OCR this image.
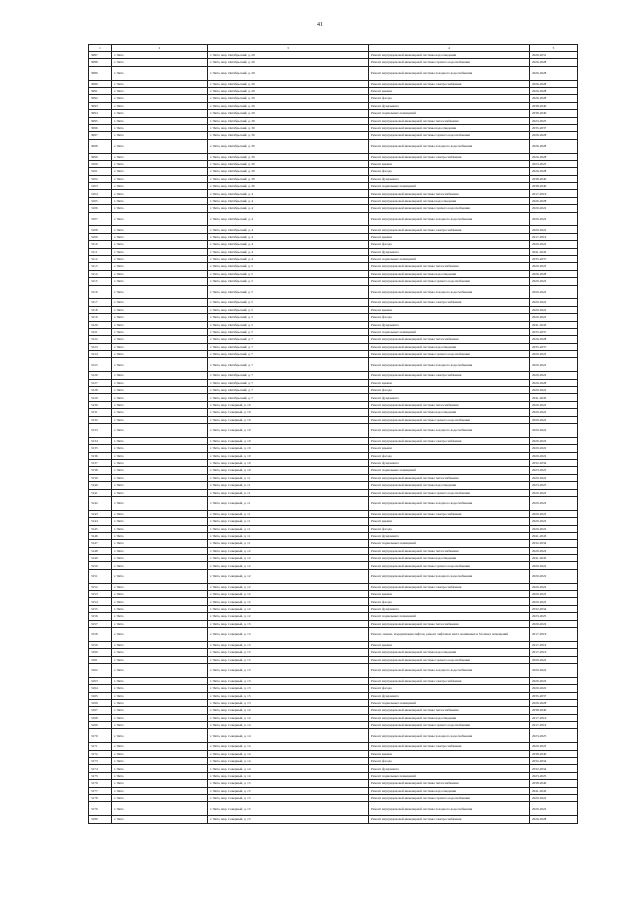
41
1	2	3	4	5
3087	г. Чита	г. Чита, мкр. Октябрьский, д. 29	Ремонт внутридомовой инженерной системы водоотведения	2029-2031
3088	г. Чита	г. Чита, мкр. Октябрьский, д. 29	Ремонт внутридомовой инженерной системы горячего водоснабжения	2026-2028
3089	г. Чита	г. Чита, мкр. Октябрьский, д. 29	Ремонт внутридомовой инженерной системы холодного водоснабжения	2026-2028
3090	г. Чита	г. Чита, мкр. Октябрьский, д. 29	Ремонт внутридомовой инженерной системы электроснабжения	2026-2028
3091	г. Чита	г. Чита, мкр. Октябрьский, д. 29	Ремонт крыши	2026-2028
3092	г. Чита	г. Чита, мкр. Октябрьский, д. 29	Ремонт фасада	2026-2028
3093	г. Чита	г. Чита, мкр. Октябрьский, д. 29	Ремонт фундамента	2038-2040
3094	г. Чита	г. Чита, мкр. Октябрьский, д. 29	Ремонт подвальных помещений	2038-2040
3095	г. Чита	г. Чита, мкр. Октябрьский, д. 30	Ремонт внутридомовой инженерной системы теплоснабжения	2023-2025
3096	г. Чита	г. Чита, мкр. Октябрьский, д. 30	Ремонт внутридомовой инженерной системы водоотведения	2035-2037
3097	г. Чита	г. Чита, мкр. Октябрьский, д. 30	Ремонт внутридомовой инженерной системы горячего водоснабжения	2026-2028
3098	г. Чита	г. Чита, мкр. Октябрьский, д. 30	Ремонт внутридомовой инженерной системы холодного водоснабжения	2026-2028
3099	г. Чита	г. Чита, мкр. Октябрьский, д. 30	Ремонт внутридомовой инженерной системы электроснабжения	2026-2028
3100	г. Чита	г. Чита, мкр. Октябрьский, д. 30	Ремонт крыши	2023-2025
3101	г. Чита	г. Чита, мкр. Октябрьский, д. 30	Ремонт фасада	2026-2028
3102	г. Чита	г. Чита, мкр. Октябрьский, д. 30	Ремонт фундамента	2038-2040
3103	г. Чита	г. Чита, мкр. Октябрьский, д. 30	Ремонт подвальных помещений	2038-2040
3104	г. Чита	г. Чита, мкр. Октябрьский, д. 4	Ремонт внутридомовой инженерной системы теплоснабжения	2017-2019
3105	г. Чита	г. Чита, мкр. Октябрьский, д. 4	Ремонт внутридомовой инженерной системы водоотведения	2026-2028
3106	г. Чита	г. Чита, мкр. Октябрьский, д. 4	Ремонт внутридомовой инженерной системы горячего водоснабжения	2020-2022
3107	г. Чита	г. Чита, мкр. Октябрьский, д. 4	Ремонт внутридомовой инженерной системы холодного водоснабжения	2020-2022
3108	г. Чита	г. Чита, мкр. Октябрьский, д. 4	Ремонт внутридомовой инженерной системы электроснабжения	2020-2022
3109	г. Чита	г. Чита, мкр. Октябрьский, д. 4	Ремонт крыши	2017-2019
3110	г. Чита	г. Чита, мкр. Октябрьский, д. 4	Ремонт фасада	2020-2022
3111	г. Чита	г. Чита, мкр. Октябрьский, д. 4	Ремонт фундамента	2041-2043
3112	г. Чита	г. Чита, мкр. Октябрьский, д. 4	Ремонт подвальных помещений	2035-2037
3113	г. Чита	г. Чита, мкр. Октябрьский, д. 5	Ремонт внутридомовой инженерной системы теплоснабжения	2020-2022
3114	г. Чита	г. Чита, мкр. Октябрьский, д. 5	Ремонт внутридомовой инженерной системы водоотведения	2026-2028
3115	г. Чита	г. Чита, мкр. Октябрьский, д. 5	Ремонт внутридомовой инженерной системы горячего водоснабжения	2020-2022
3116	г. Чита	г. Чита, мкр. Октябрьский, д. 5	Ремонт внутридомовой инженерной системы холодного водоснабжения	2020-2022
3117	г. Чита	г. Чита, мкр. Октябрьский, д. 5	Ремонт внутридомовой инженерной системы электроснабжения	2020-2022
3118	г. Чита	г. Чита, мкр. Октябрьский, д. 5	Ремонт крыши	2020-2022
3119	г. Чита	г. Чита, мкр. Октябрьский, д. 5	Ремонт фасада	2020-2022
3120	г. Чита	г. Чита, мкр. Октябрьский, д. 5	Ремонт фундамента	2041-2043
3121	г. Чита	г. Чита, мкр. Октябрьский, д. 5	Ремонт подвальных помещений	2035-2037
3122	г. Чита	г. Чита, мкр. Октябрьский, д. 7	Ремонт внутридомовой инженерной системы теплоснабжения	2026-2028
3123	г. Чита	г. Чита, мкр. Октябрьский, д. 7	Ремонт внутридомовой инженерной системы водоотведения	2035-2037
3124	г. Чита	г. Чита, мкр. Октябрьский, д. 7	Ремонт внутридомовой инженерной системы горячего водоснабжения	2020-2022
3125	г. Чита	г. Чита, мкр. Октябрьский, д. 7	Ремонт внутридомовой инженерной системы холодного водоснабжения	2020-2022
3126	г. Чита	г. Чита, мкр. Октябрьский, д. 7	Ремонт внутридомовой инженерной системы электроснабжения	2020-2022
3127	г. Чита	г. Чита, мкр. Октябрьский, д. 7	Ремонт крыши	2026-2028
3128	г. Чита	г. Чита, мкр. Октябрьский, д. 7	Ремонт фасада	2020-2022
3129	г. Чита	г. Чита, мкр. Октябрьский, д. 7	Ремонт фундамента	2041-2043
3130	г. Чита	г. Чита, мкр. Северный, д. 10	Ремонт внутридомовой инженерной системы теплоснабжения	2020-2022
3131	г. Чита	г. Чита, мкр. Северный, д. 10	Ремонт внутридомовой инженерной системы водоотведения	2020-2022
3132	г. Чита	г. Чита, мкр. Северный, д. 10	Ремонт внутридомовой инженерной системы горячего водоснабжения	2020-2022
3133	г. Чита	г. Чита, мкр. Северный, д. 10	Ремонт внутридомовой инженерной системы холодного водоснабжения	2020-2022
3134	г. Чита	г. Чита, мкр. Северный, д. 10	Ремонт внутридомовой инженерной системы электроснабжения	2020-2022
3135	г. Чита	г. Чита, мкр. Северный, д. 10	Ремонт крыши	2020-2022
3136	г. Чита	г. Чита, мкр. Северный, д. 10	Ремонт фасада	2020-2022
3137	г. Чита	г. Чита, мкр. Северный, д. 10	Ремонт фундамента	2032-2034
3138	г. Чита	г. Чита, мкр. Северный, д. 10	Ремонт подвальных помещений	2023-2025
3139	г. Чита	г. Чита, мкр. Северный, д. 11	Ремонт внутридомовой инженерной системы теплоснабжения	2020-2022
3140	г. Чита	г. Чита, мкр. Северный, д. 11	Ремонт внутридомовой инженерной системы водоотведения	2023-2025
3141	г. Чита	г. Чита, мкр. Северный, д. 11	Ремонт внутридомовой инженерной системы горячего водоснабжения	2020-2022
3142	г. Чита	г. Чита, мкр. Северный, д. 11	Ремонт внутридомовой инженерной системы холодного водоснабжения	2020-2022
3143	г. Чита	г. Чита, мкр. Северный, д. 11	Ремонт внутридомовой инженерной системы электроснабжения	2020-2022
3144	г. Чита	г. Чита, мкр. Северный, д. 11	Ремонт крыши	2020-2022
3145	г. Чита	г. Чита, мкр. Северный, д. 11	Ремонт фасада	2020-2022
3146	г. Чита	г. Чита, мкр. Северный, д. 11	Ремонт фундамента	2041-2043
3147	г. Чита	г. Чита, мкр. Северный, д. 11	Ремонт подвальных помещений	2032-2034
3148	г. Чита	г. Чита, мкр. Северный, д. 12	Ремонт внутридомовой инженерной системы теплоснабжения	2020-2022
3149	г. Чита	г. Чита, мкр. Северный, д. 12	Ремонт внутридомовой инженерной системы водоотведения	2041-2043
3150	г. Чита	г. Чита, мкр. Северный, д. 12	Ремонт внутридомовой инженерной системы горячего водоснабжения	2020-2022
3151	г. Чита	г. Чита, мкр. Северный, д. 12	Ремонт внутридомовой инженерной системы холодного водоснабжения	2020-2022
3152	г. Чита	г. Чита, мкр. Северный, д. 12	Ремонт внутридомовой инженерной системы электроснабжения	2020-2022
3153	г. Чита	г. Чита, мкр. Северный, д. 12	Ремонт крыши	2020-2022
3154	г. Чита	г. Чита, мкр. Северный, д. 12	Ремонт фасада	2020-2022
3155	г. Чита	г. Чита, мкр. Северный, д. 12	Ремонт фундамента	2032-2034
3156	г. Чита	г. Чита, мкр. Северный, д. 12	Ремонт подвальных помещений	2023-2025
3157	г. Чита	г. Чита, мкр. Северный, д. 13	Ремонт внутридомовой инженерной системы теплоснабжения	2020-2022
3158	г. Чита	г. Чита, мкр. Северный, д. 13	Ремонт, замена, модернизация лифтов, ремонт лифтовых шахт, машинных и блочных помещений	2017-2019
3159	г. Чита	г. Чита, мкр. Северный, д. 13	Ремонт крыши	2017-2019
3160	г. Чита	г. Чита, мкр. Северный, д. 13	Ремонт внутридомовой инженерной системы водоотведения	2017-2019
3161	г. Чита	г. Чита, мкр. Северный, д. 13	Ремонт внутридомовой инженерной системы горячего водоснабжения	2020-2022
3162	г. Чита	г. Чита, мкр. Северный, д. 13	Ремонт внутридомовой инженерной системы холодного водоснабжения	2020-2022
3163	г. Чита	г. Чита, мкр. Северный, д. 13	Ремонт внутридомовой инженерной системы электроснабжения	2020-2022
3164	г. Чита	г. Чита, мкр. Северный, д. 13	Ремонт фасада	2020-2022
3165	г. Чита	г. Чита, мкр. Северный, д. 13	Ремонт фундамента	2035-2037
3166	г. Чита	г. Чита, мкр. Северный, д. 13	Ремонт подвальных помещений	2026-2028
3167	г. Чита	г. Чита, мкр. Северный, д. 14	Ремонт внутридомовой инженерной системы теплоснабжения	2038-2040
3168	г. Чита	г. Чита, мкр. Северный, д. 14	Ремонт внутридомовой инженерной системы водоотведения	2017-2019
3169	г. Чита	г. Чита, мкр. Северный, д. 14	Ремонт внутридомовой инженерной системы горячего водоснабжения	2017-2019
3170	г. Чита	г. Чита, мкр. Северный, д. 14	Ремонт внутридомовой инженерной системы холодного водоснабжения	2023-2025
3171	г. Чита	г. Чита, мкр. Северный, д. 14	Ремонт внутридомовой инженерной системы электроснабжения	2020-2022
3172	г. Чита	г. Чита, мкр. Северный, д. 14	Ремонт крыши	2038-2040
3173	г. Чита	г. Чита, мкр. Северный, д. 14	Ремонт фасада	2032-2034
3174	г. Чита	г. Чита, мкр. Северный, д. 14	Ремонт фундамента	2032-2034
3175	г. Чита	г. Чита, мкр. Северный, д. 14	Ремонт подвальных помещений	2023-2025
3176	г. Чита	г. Чита, мкр. Северный, д. 15	Ремонт внутридомовой инженерной системы теплоснабжения	2038-2040
3177	г. Чита	г. Чита, мкр. Северный, д. 15	Ремонт внутридомовой инженерной системы водоотведения	2041-2043
3178	г. Чита	г. Чита, мкр. Северный, д. 15	Ремонт внутридомовой инженерной системы горячего водоснабжения	2020-2022
3179	г. Чита	г. Чита, мкр. Северный, д. 15	Ремонт внутридомовой инженерной системы холодного водоснабжения	2020-2022
3180	г. Чита	г. Чита, мкр. Северный, д. 15	Ремонт внутридомовой инженерной системы электроснабжения	2026-2028
